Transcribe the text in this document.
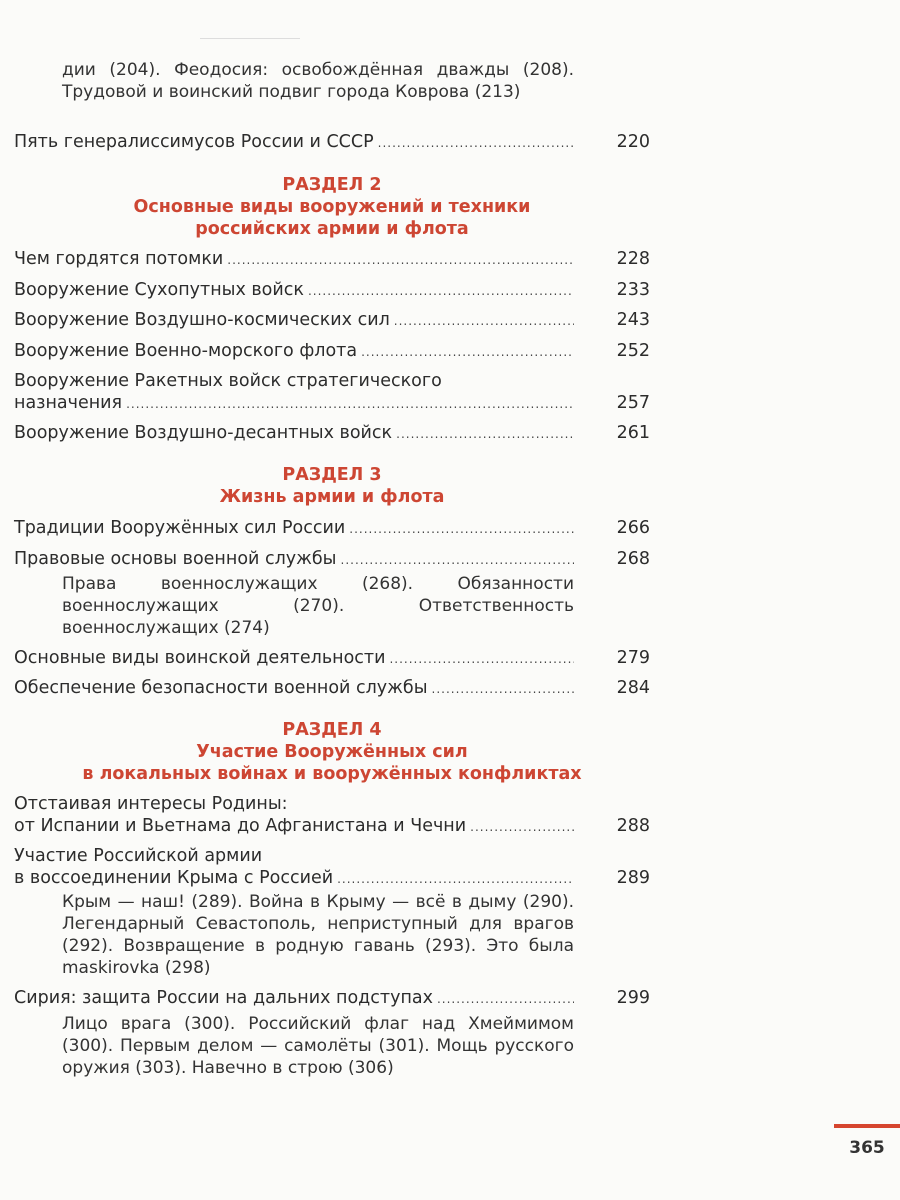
дии (204). Феодосия: освобождённая дважды (208). Трудовой и воинский подвиг города Коврова (213)
Пять генералиссимусов России и СССР .....	220
РАЗДЕЛ 2
Основные виды вооружений и техники
российских армии и флота
Чем гордятся потомки .....	228
Вооружение Сухопутных войск .....	233
Вооружение Воздушно-космических сил .....	243
Вооружение Военно-морского флота .....	252
Вооружение Ракетных войск стратегического
назначения .....	257
Вооружение Воздушно-десантных войск .....	261
РАЗДЕЛ 3
Жизнь армии и флота
Традиции Вооружённых сил России .....	266
Правовые основы военной службы .....	268
Права военнослужащих (268). Обязанности военнослужащих (270). Ответственность военнослужащих (274)
Основные виды воинской деятельности .....	279
Обеспечение безопасности военной службы .....	284
РАЗДЕЛ 4
Участие Вооружённых сил
в локальных войнах и вооружённых конфликтах
Отстаивая интересы Родины:
от Испании и Вьетнама до Афганистана и Чечни .....	288
Участие Российской армии
в воссоединении Крыма с Россией .....	289
Крым — наш! (289). Война в Крыму — всё в дыму (290). Легендарный Севастополь, неприступный для врагов (292). Возвращение в родную гавань (293). Это была maskirovka (298)
Сирия: защита России на дальних подступах .....	299
Лицо врага (300). Российский флаг над Хмеймимом (300). Первым делом — самолёты (301). Мощь русского оружия (303). Навечно в строю (306)
365
